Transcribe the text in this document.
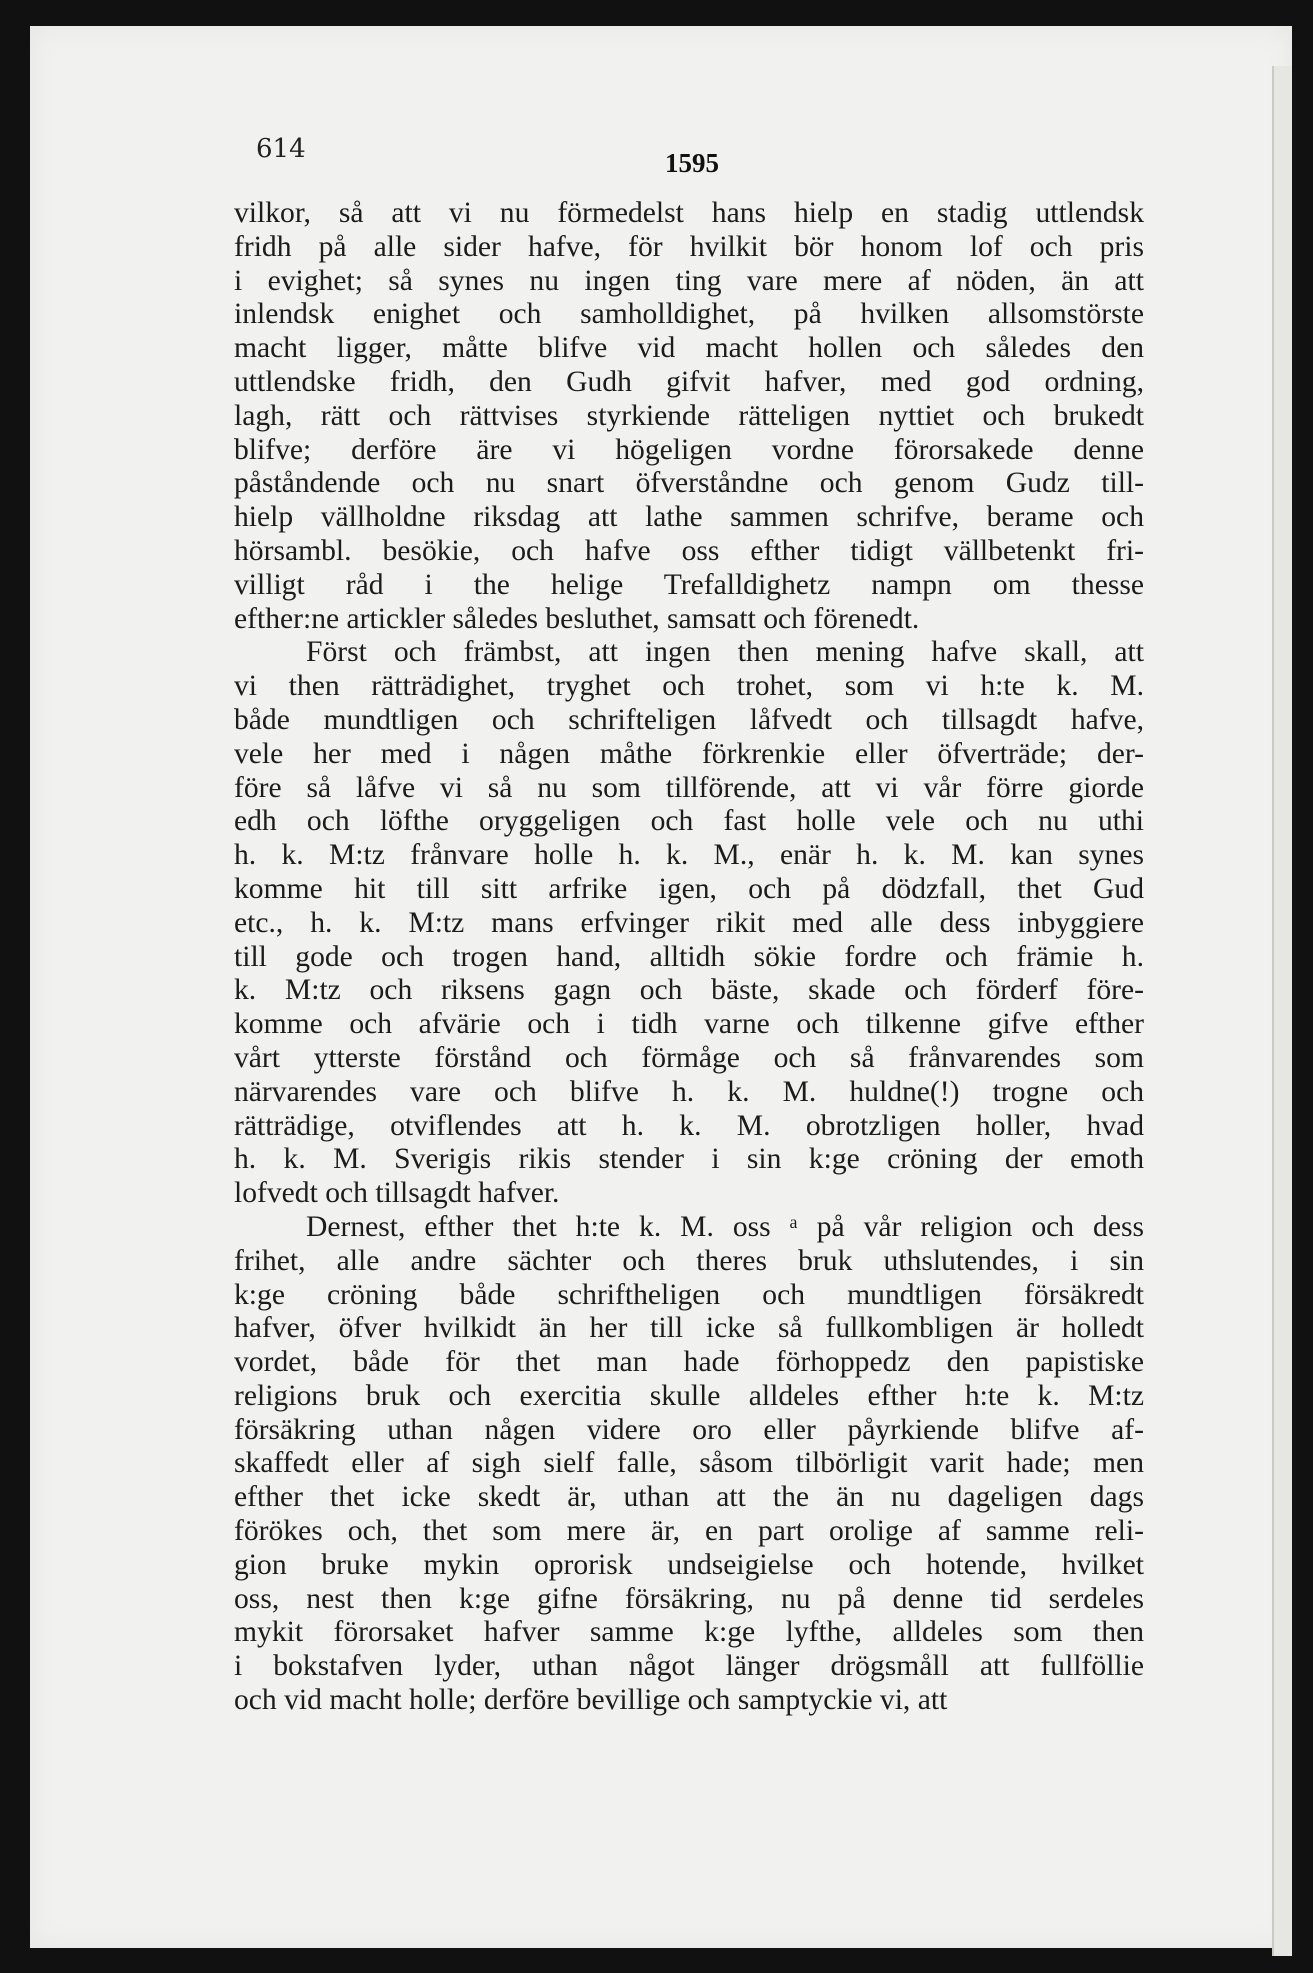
614	1595
vilkor, så att vi nu förmedelst hans hielp en stadig uttlendsk
fridh på alle sider hafve, för hvilkit bör honom lof och pris
i evighet; så synes nu ingen ting vare mere af nöden, än att
inlendsk enighet och samholldighet, på hvilken allsomstörste
macht ligger, måtte blifve vid macht hollen och således den
uttlendske fridh, den Gudh gifvit hafver, med god ordning,
lagh, rätt och rättvises styrkiende rätteligen nyttiet och brukedt
blifve; derföre äre vi högeligen vordne förorsakede denne
påståndende och nu snart öfverståndne och genom Gudz till-
hielp vällholdne riksdag att lathe sammen schrifve, berame och
hörsambl. besökie, och hafve oss efther tidigt vällbetenkt fri-
villigt råd i the helige Trefalldighetz nampn om thesse
efther:ne artickler således besluthet, samsatt och förenedt.
Först och främbst, att ingen then mening hafve skall, att
vi then rätträdighet, tryghet och trohet, som vi h:te k. M.
både mundtligen och schrifteligen låfvedt och tillsagdt hafve,
vele her med i någen måthe förkrenkie eller öfverträde; der-
före så låfve vi så nu som tillförende, att vi vår förre giorde
edh och löfthe oryggeligen och fast holle vele och nu uthi
h. k. M:tz frånvare holle h. k. M., enär h. k. M. kan synes
komme hit till sitt arfrike igen, och på dödzfall, thet Gud
etc., h. k. M:tz mans erfvinger rikit med alle dess inbyggiere
till gode och trogen hand, alltidh sökie fordre och främie h.
k. M:tz och riksens gagn och bäste, skade och förderf före-
komme och afvärie och i tidh varne och tilkenne gifve efther
vårt ytterste förstånd och förmåge och så frånvarendes som
närvarendes vare och blifve h. k. M. huldne(!) trogne och
rätträdige, otviflendes att h. k. M. obrotzligen holler, hvad
h. k. M. Sverigis rikis stender i sin k:ge cröning der emoth
lofvedt och tillsagdt hafver.
Dernest, efther thet h:te k. M. oss ᵃ på vår religion och dess
frihet, alle andre sächter och theres bruk uthslutendes, i sin
k:ge cröning både schriftheligen och mundtligen försäkredt
hafver, öfver hvilkidt än her till icke så fullkombligen är holledt
vordet, både för thet man hade förhoppedz den papistiske
religions bruk och exercitia skulle alldeles efther h:te k. M:tz
försäkring uthan någen videre oro eller påyrkiende blifve af-
skaffedt eller af sigh sielf falle, såsom tilbörligit varit hade; men
efther thet icke skedt är, uthan att the än nu dageligen dags
förökes och, thet som mere är, en part orolige af samme reli-
gion bruke mykin oprorisk undseigielse och hotende, hvilket
oss, nest then k:ge gifne försäkring, nu på denne tid serdeles
mykit förorsaket hafver samme k:ge lyfthe, alldeles som then
i bokstafven lyder, uthan något länger drögsmåll att fullföllie
och vid macht holle; derföre bevillige och samptyckie vi, att
